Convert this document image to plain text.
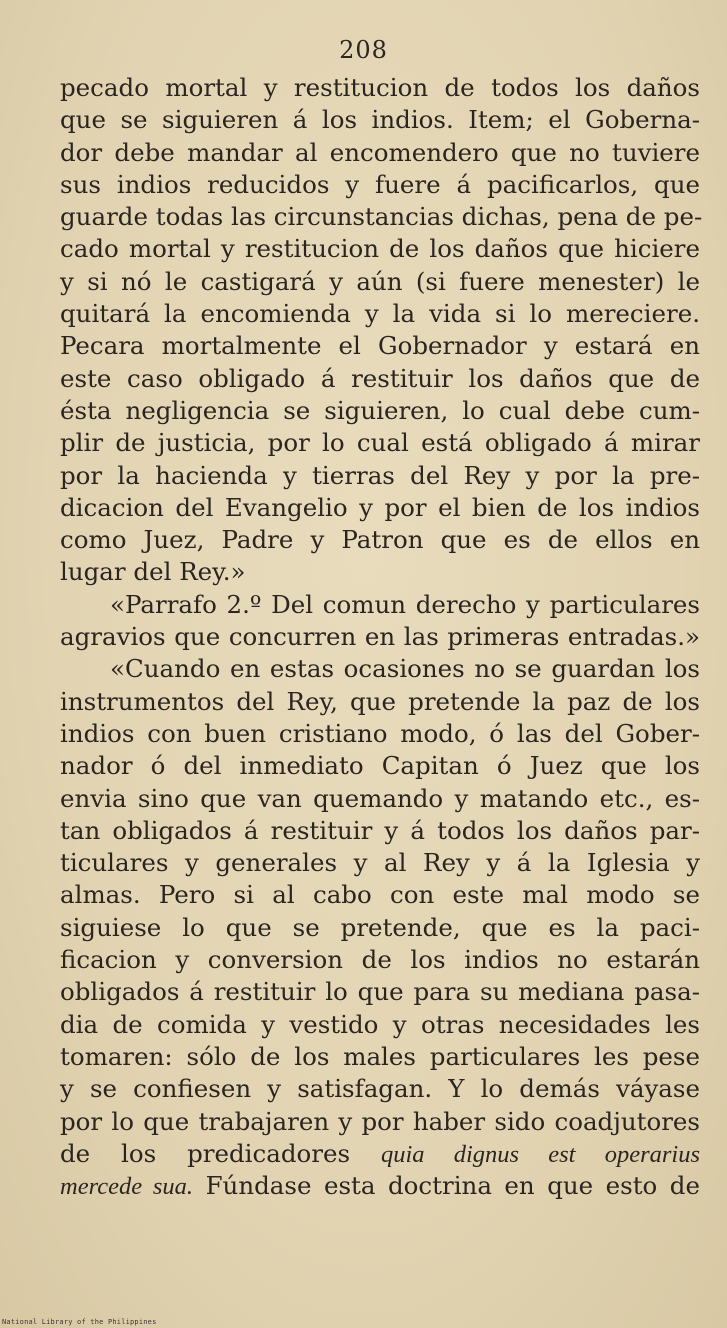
208
pecado mortal y restitucion de todos los daños
que se siguieren á los indios. Item; el Goberna-
dor debe mandar al encomendero que no tuviere
sus indios reducidos y fuere á pacificarlos, que
guarde todas las circunstancias dichas, pena de pe-
cado mortal y restitucion de los daños que hiciere
y si nó le castigará y aún (si fuere menester) le
quitará la encomienda y la vida si lo mereciere.
Pecara mortalmente el Gobernador y estará en
este caso obligado á restituir los daños que de
ésta negligencia se siguieren, lo cual debe cum-
plir de justicia, por lo cual está obligado á mirar
por la hacienda y tierras del Rey y por la pre-
dicacion del Evangelio y por el bien de los indios
como Juez, Padre y Patron que es de ellos en
lugar del Rey.»
«Parrafo 2.º Del comun derecho y particulares
agravios que concurren en las primeras entradas.»
«Cuando en estas ocasiones no se guardan los
instrumentos del Rey, que pretende la paz de los
indios con buen cristiano modo, ó las del Gober-
nador ó del inmediato Capitan ó Juez que los
envia sino que van quemando y matando etc., es-
tan obligados á restituir y á todos los daños par-
ticulares y generales y al Rey y á la Iglesia y
almas. Pero si al cabo con este mal modo se
siguiese lo que se pretende, que es la paci-
ficacion y conversion de los indios no estarán
obligados á restituir lo que para su mediana pasa-
dia de comida y vestido y otras necesidades les
tomaren: sólo de los males particulares les pese
y se confiesen y satisfagan. Y lo demás váyase
por lo que trabajaren y por haber sido coadjutores
de los predicadores quia dignus est operarius
mercede sua. Fúndase esta doctrina en que esto de
National Library of the Philippines
